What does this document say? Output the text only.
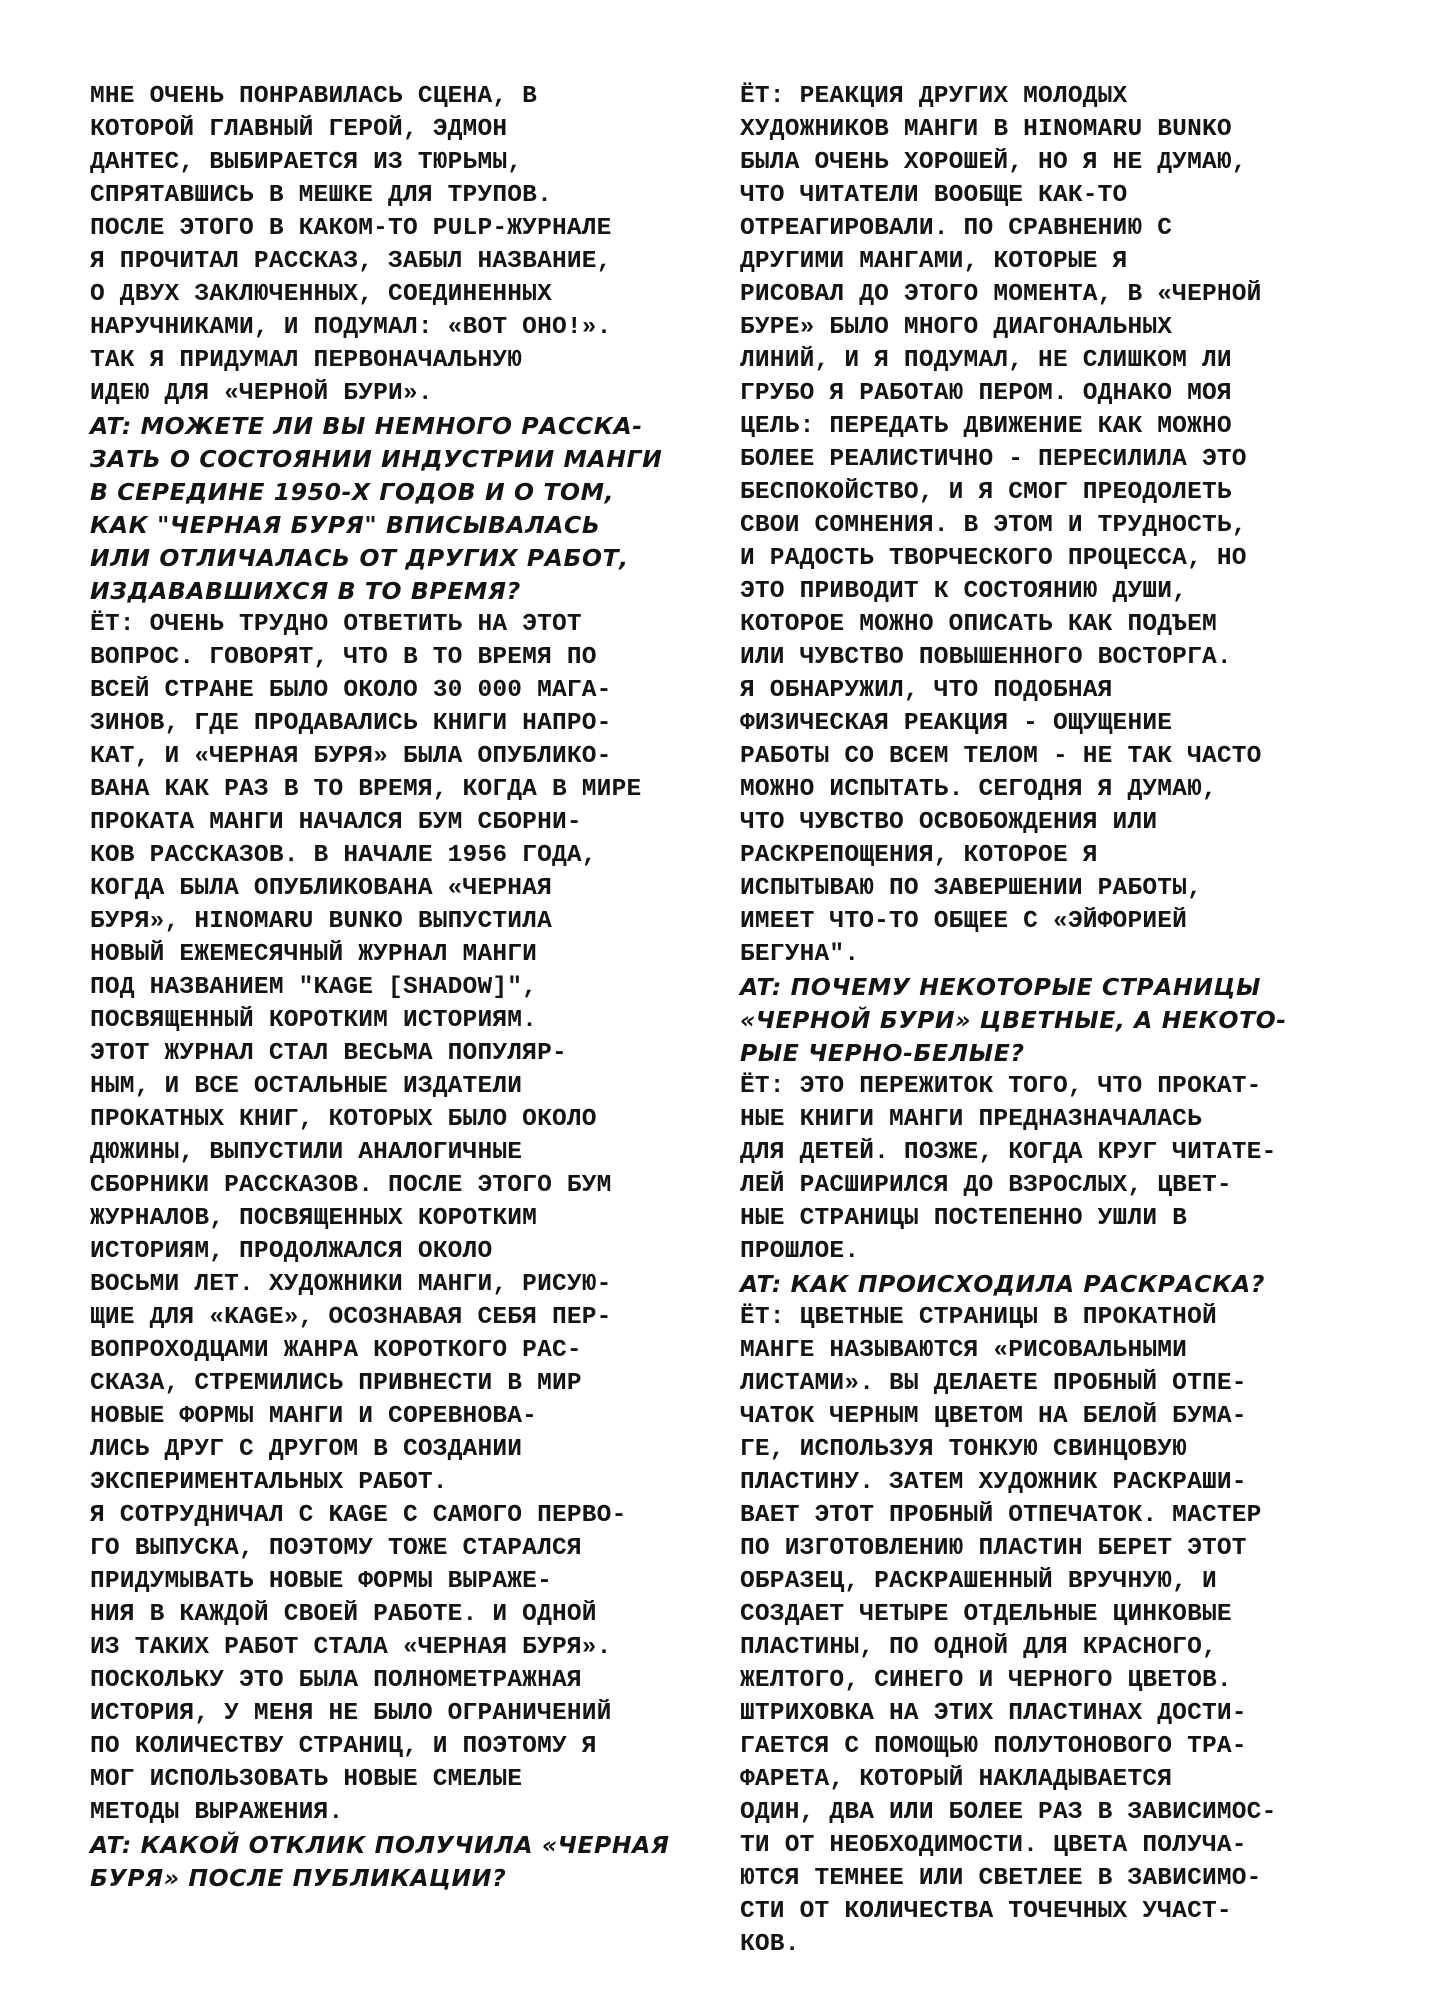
МНЕ ОЧЕНЬ ПОНРАВИЛАСЬ СЦЕНА, В
КОТОРОЙ ГЛАВНЫЙ ГЕРОЙ, ЭДМОН
ДАНТЕС, ВЫБИРАЕТСЯ ИЗ ТЮРЬМЫ,
СПРЯТАВШИСЬ В МЕШКЕ ДЛЯ ТРУПОВ.
ПОСЛЕ ЭТОГО В КАКОМ-ТО PULP-ЖУРНАЛЕ
Я ПРОЧИТАЛ РАССКАЗ, ЗАБЫЛ НАЗВАНИЕ,
О ДВУХ ЗАКЛЮЧЕННЫХ, СОЕДИНЕННЫХ
НАРУЧНИКАМИ, И ПОДУМАЛ: «ВОТ ОНО!».
ТАК Я ПРИДУМАЛ ПЕРВОНАЧАЛЬНУЮ
ИДЕЮ ДЛЯ «ЧЕРНОЙ БУРИ».

AT: МОЖЕТЕ ЛИ ВЫ НЕМНОГО РАССКА-
ЗАТЬ О СОСТОЯНИИ ИНДУСТРИИ МАНГИ
В СЕРЕДИНЕ 1950-Х ГОДОВ И О ТОМ,
КАК "ЧЕРНАЯ БУРЯ" ВПИСЫВАЛАСЬ
ИЛИ ОТЛИЧАЛАСЬ ОТ ДРУГИХ РАБОТ,
ИЗДАВАВШИХСЯ В ТО ВРЕМЯ?

ЁТ: ОЧЕНЬ ТРУДНО ОТВЕТИТЬ НА ЭТОТ
ВОПРОС. ГОВОРЯТ, ЧТО В ТО ВРЕМЯ ПО
ВСЕЙ СТРАНЕ БЫЛО ОКОЛО 30 000 МАГА-
ЗИНОВ, ГДЕ ПРОДАВАЛИСЬ КНИГИ НАПРО-
КАТ, И «ЧЕРНАЯ БУРЯ» БЫЛА ОПУБЛИКО-
ВАНА КАК РАЗ В ТО ВРЕМЯ, КОГДА В МИРЕ
ПРОКАТА МАНГИ НАЧАЛСЯ БУМ СБОРНИ-
КОВ РАССКАЗОВ. В НАЧАЛЕ 1956 ГОДА,
КОГДА БЫЛА ОПУБЛИКОВАНА «ЧЕРНАЯ
БУРЯ», HINOMARU BUNKO ВЫПУСТИЛА
НОВЫЙ ЕЖЕМЕСЯЧНЫЙ ЖУРНАЛ МАНГИ
ПОД НАЗВАНИЕМ "KAGE [SHADOW]",
ПОСВЯЩЕННЫЙ КОРОТКИМ ИСТОРИЯМ.
ЭТОТ ЖУРНАЛ СТАЛ ВЕСЬМА ПОПУЛЯР-
НЫМ, И ВСЕ ОСТАЛЬНЫЕ ИЗДАТЕЛИ
ПРОКАТНЫХ КНИГ, КОТОРЫХ БЫЛО ОКОЛО
ДЮЖИНЫ, ВЫПУСТИЛИ АНАЛОГИЧНЫЕ
СБОРНИКИ РАССКАЗОВ. ПОСЛЕ ЭТОГО БУМ
ЖУРНАЛОВ, ПОСВЯЩЕННЫХ КОРОТКИМ
ИСТОРИЯМ, ПРОДОЛЖАЛСЯ ОКОЛО
ВОСЬМИ ЛЕТ. ХУДОЖНИКИ МАНГИ, РИСУЮ-
ЩИЕ ДЛЯ «KAGE», ОСОЗНАВАЯ СЕБЯ ПЕР-
ВОПРОХОДЦАМИ ЖАНРА КОРОТКОГО РАС-
СКАЗА, СТРЕМИЛИСЬ ПРИВНЕСТИ В МИР
НОВЫЕ ФОРМЫ МАНГИ И СОРЕВНОВА-
ЛИСЬ ДРУГ С ДРУГОМ В СОЗДАНИИ
ЭКСПЕРИМЕНТАЛЬНЫХ РАБОТ.

Я СОТРУДНИЧАЛ С KAGE С САМОГО ПЕРВО-
ГО ВЫПУСКА, ПОЭТОМУ ТОЖЕ СТАРАЛСЯ
ПРИДУМЫВАТЬ НОВЫЕ ФОРМЫ ВЫРАЖЕ-
НИЯ В КАЖДОЙ СВОЕЙ РАБОТЕ. И ОДНОЙ
ИЗ ТАКИХ РАБОТ СТАЛА «ЧЕРНАЯ БУРЯ».
ПОСКОЛЬКУ ЭТО БЫЛА ПОЛНОМЕТРАЖНАЯ
ИСТОРИЯ, У МЕНЯ НЕ БЫЛО ОГРАНИЧЕНИЙ
ПО КОЛИЧЕСТВУ СТРАНИЦ, И ПОЭТОМУ Я
МОГ ИСПОЛЬЗОВАТЬ НОВЫЕ СМЕЛЫЕ
МЕТОДЫ ВЫРАЖЕНИЯ.

AT: КАКОЙ ОТКЛИК ПОЛУЧИЛА «ЧЕРНАЯ
БУРЯ» ПОСЛЕ ПУБЛИКАЦИИ?

ЁТ: РЕАКЦИЯ ДРУГИХ МОЛОДЫХ
ХУДОЖНИКОВ МАНГИ В HINOMARU BUNKO
БЫЛА ОЧЕНЬ ХОРОШЕЙ, НО Я НЕ ДУМАЮ,
ЧТО ЧИТАТЕЛИ ВООБЩЕ КАК-ТО
ОТРЕАГИРОВАЛИ. ПО СРАВНЕНИЮ С
ДРУГИМИ МАНГАМИ, КОТОРЫЕ Я
РИСОВАЛ ДО ЭТОГО МОМЕНТА, В «ЧЕРНОЙ
БУРЕ» БЫЛО МНОГО ДИАГОНАЛЬНЫХ
ЛИНИЙ, И Я ПОДУМАЛ, НЕ СЛИШКОМ ЛИ
ГРУБО Я РАБОТАЮ ПЕРОМ. ОДНАКО МОЯ
ЦЕЛЬ: ПЕРЕДАТЬ ДВИЖЕНИЕ КАК МОЖНО
БОЛЕЕ РЕАЛИСТИЧНО - ПЕРЕСИЛИЛА ЭТО
БЕСПОКОЙСТВО, И Я СМОГ ПРЕОДОЛЕТЬ
СВОИ СОМНЕНИЯ. В ЭТОМ И ТРУДНОСТЬ,
И РАДОСТЬ ТВОРЧЕСКОГО ПРОЦЕССА, НО
ЭТО ПРИВОДИТ К СОСТОЯНИЮ ДУШИ,
КОТОРОЕ МОЖНО ОПИСАТЬ КАК ПОДЪЕМ
ИЛИ ЧУВСТВО ПОВЫШЕННОГО ВОСТОРГА.
Я ОБНАРУЖИЛ, ЧТО ПОДОБНАЯ
ФИЗИЧЕСКАЯ РЕАКЦИЯ - ОЩУЩЕНИЕ
РАБОТЫ СО ВСЕМ ТЕЛОМ - НЕ ТАК ЧАСТО
МОЖНО ИСПЫТАТЬ. СЕГОДНЯ Я ДУМАЮ,
ЧТО ЧУВСТВО ОСВОБОЖДЕНИЯ ИЛИ
РАСКРЕПОЩЕНИЯ, КОТОРОЕ Я
ИСПЫТЫВАЮ ПО ЗАВЕРШЕНИИ РАБОТЫ,
ИМЕЕТ ЧТО-ТО ОБЩЕЕ С «ЭЙФОРИЕЙ
БЕГУНА".

AT: ПОЧЕМУ НЕКОТОРЫЕ СТРАНИЦЫ
«ЧЕРНОЙ БУРИ» ЦВЕТНЫЕ, А НЕКОТО-
РЫЕ ЧЕРНО-БЕЛЫЕ?

ЁТ: ЭТО ПЕРЕЖИТОК ТОГО, ЧТО ПРОКАТ-
НЫЕ КНИГИ МАНГИ ПРЕДНАЗНАЧАЛАСЬ
ДЛЯ ДЕТЕЙ. ПОЗЖЕ, КОГДА КРУГ ЧИТАТЕ-
ЛЕЙ РАСШИРИЛСЯ ДО ВЗРОСЛЫХ, ЦВЕТ-
НЫЕ СТРАНИЦЫ ПОСТЕПЕННО УШЛИ В
ПРОШЛОЕ.

AT: КАК ПРОИСХОДИЛА РАСКРАСКА?

ЁТ: ЦВЕТНЫЕ СТРАНИЦЫ В ПРОКАТНОЙ
МАНГЕ НАЗЫВАЮТСЯ «РИСОВАЛЬНЫМИ
ЛИСТАМИ». ВЫ ДЕЛАЕТЕ ПРОБНЫЙ ОТПЕ-
ЧАТОК ЧЕРНЫМ ЦВЕТОМ НА БЕЛОЙ БУМА-
ГЕ, ИСПОЛЬЗУЯ ТОНКУЮ СВИНЦОВУЮ
ПЛАСТИНУ. ЗАТЕМ ХУДОЖНИК РАСКРАШИ-
ВАЕТ ЭТОТ ПРОБНЫЙ ОТПЕЧАТОК. МАСТЕР
ПО ИЗГОТОВЛЕНИЮ ПЛАСТИН БЕРЕТ ЭТОТ
ОБРАЗЕЦ, РАСКРАШЕННЫЙ ВРУЧНУЮ, И
СОЗДАЕТ ЧЕТЫРЕ ОТДЕЛЬНЫЕ ЦИНКОВЫЕ
ПЛАСТИНЫ, ПО ОДНОЙ ДЛЯ КРАСНОГО,
ЖЕЛТОГО, СИНЕГО И ЧЕРНОГО ЦВЕТОВ.
ШТРИХОВКА НА ЭТИХ ПЛАСТИНАХ ДОСТИ-
ГАЕТСЯ С ПОМОЩЬЮ ПОЛУТОНОВОГО ТРА-
ФАРЕТА, КОТОРЫЙ НАКЛАДЫВАЕТСЯ
ОДИН, ДВА ИЛИ БОЛЕЕ РАЗ В ЗАВИСИМОС-
ТИ ОТ НЕОБХОДИМОСТИ. ЦВЕТА ПОЛУЧА-
ЮТСЯ ТЕМНЕЕ ИЛИ СВЕТЛЕЕ В ЗАВИСИМО-
СТИ ОТ КОЛИЧЕСТВА ТОЧЕЧНЫХ УЧАСТ-
КОВ.
